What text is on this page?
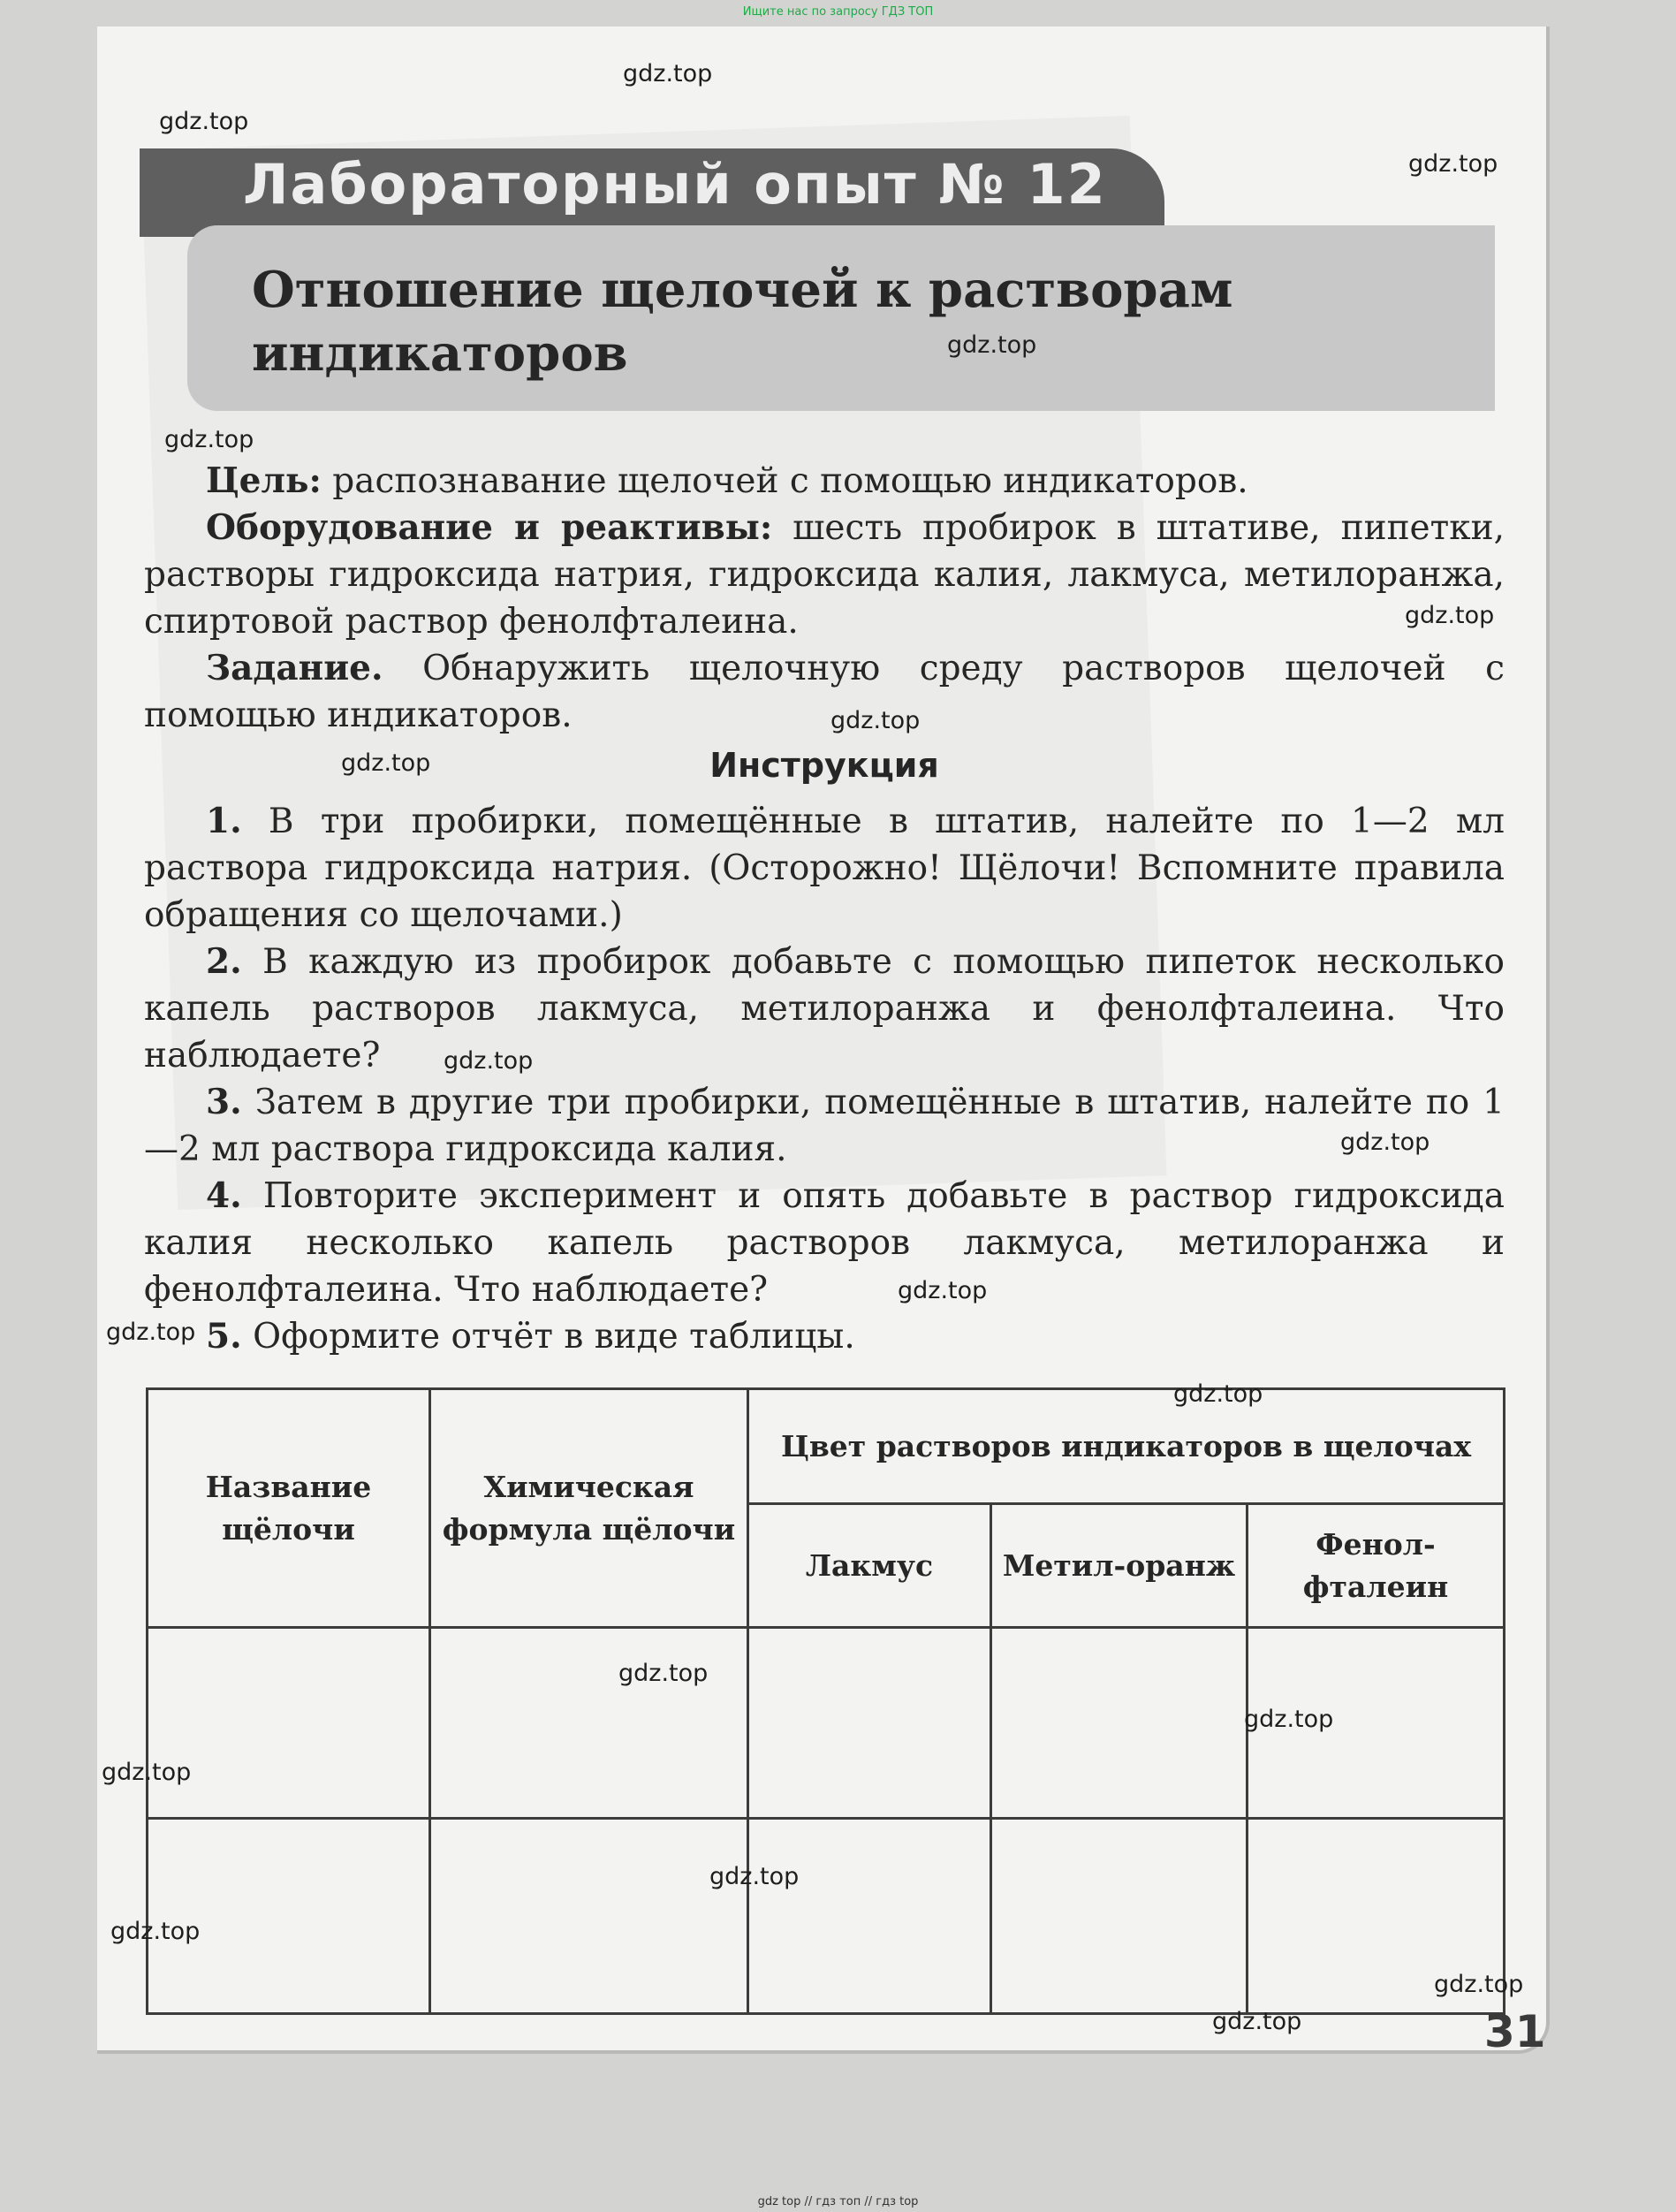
Ищите нас по запросу ГДЗ ТОП
Лабораторный опыт № 12
Отношение щелочей к растворам индикаторов

Цель: распознавание щелочей с помощью индикаторов.

Оборудование и реактивы: шесть пробирок в штативе, пипетки, растворы гидроксида натрия, гидроксида калия, лакмуса, метилоранжа, спиртовой раствор фенолфталеина.

Задание. Обнаружить щелочную среду растворов щелочей с помощью индикаторов.

Инструкция

1. В три пробирки, помещённые в штатив, налейте по 1—2 мл раствора гидроксида натрия. (Осторожно! Щёлочи! Вспомните правила обращения со щелочами.)

2. В каждую из пробирок добавьте с помощью пипеток несколько капель растворов лакмуса, метилоранжа и фенолфталеина. Что наблюдаете?

3. Затем в другие три пробирки, помещённые в штатив, налейте по 1—2 мл раствора гидроксида калия.

4. Повторите эксперимент и опять добавьте в раствор гидроксида калия несколько капель растворов лакмуса, метилоранжа и фенолфталеина. Что наблюдаете?

5. Оформите отчёт в виде таблицы.

Название щёлочи	Химическая формула щёлочи	Цвет растворов индикаторов в щелочах		
		Лакмус	Метил-оранж	Фенол-фталеин

31
gdz.top
gdz.top
gdz.top
gdz.top
gdz.top
gdz.top
gdz.top
gdz.top
gdz.top
gdz.top
gdz.top
gdz.top
gdz.top
gdz.top
gdz.top
gdz.top
gdz.top
gdz.top
gdz.top
gdz.top
gdz top // гдз топ // гдз top
